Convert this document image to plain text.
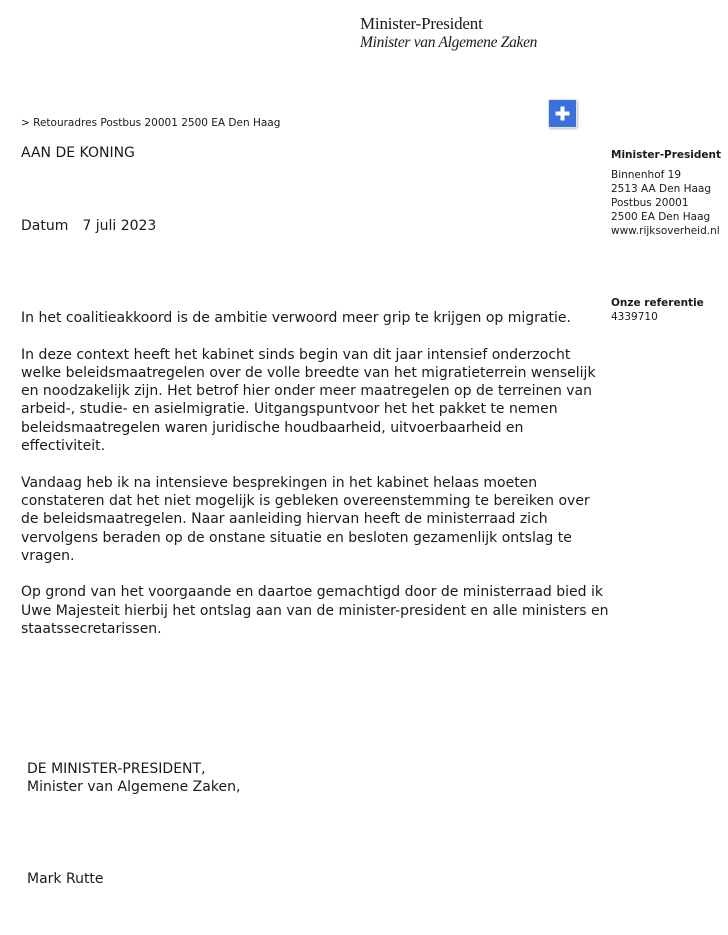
Minister-President
Minister van Algemene Zaken
> Retouradres Postbus 20001 2500 EA Den Haag
AAN DE KONING
Datum 7 juli 2023
Minister-President
Binnenhof 19
2513 AA Den Haag
Postbus 20001
2500 EA Den Haag
www.rijksoverheid.nl
Onze referentie
4339710

In het coalitieakkoord is de ambitie verwoord meer grip te krijgen op migratie.

In deze context heeft het kabinet sinds begin van dit jaar intensief onderzocht welke beleidsmaatregelen over de volle breedte van het migratieterrein wenselijk en noodzakelijk zijn. Het betrof hier onder meer maatregelen op de terreinen van arbeid-, studie- en asielmigratie. Uitgangspuntvoor het het pakket te nemen beleidsmaatregelen waren juridische houdbaarheid, uitvoerbaarheid en effectiviteit.

Vandaag heb ik na intensieve besprekingen in het kabinet helaas moeten constateren dat het niet mogelijk is gebleken overeenstemming te bereiken over de beleidsmaatregelen. Naar aanleiding hiervan heeft de ministerraad zich vervolgens beraden op de onstane situatie en besloten gezamenlijk ontslag te vragen.

Op grond van het voorgaande en daartoe gemachtigd door de ministerraad bied ik Uwe Majesteit hierbij het ontslag aan van de minister-president en alle ministers en staatssecretarissen.

DE MINISTER-PRESIDENT,
Minister van Algemene Zaken,
Mark Rutte
